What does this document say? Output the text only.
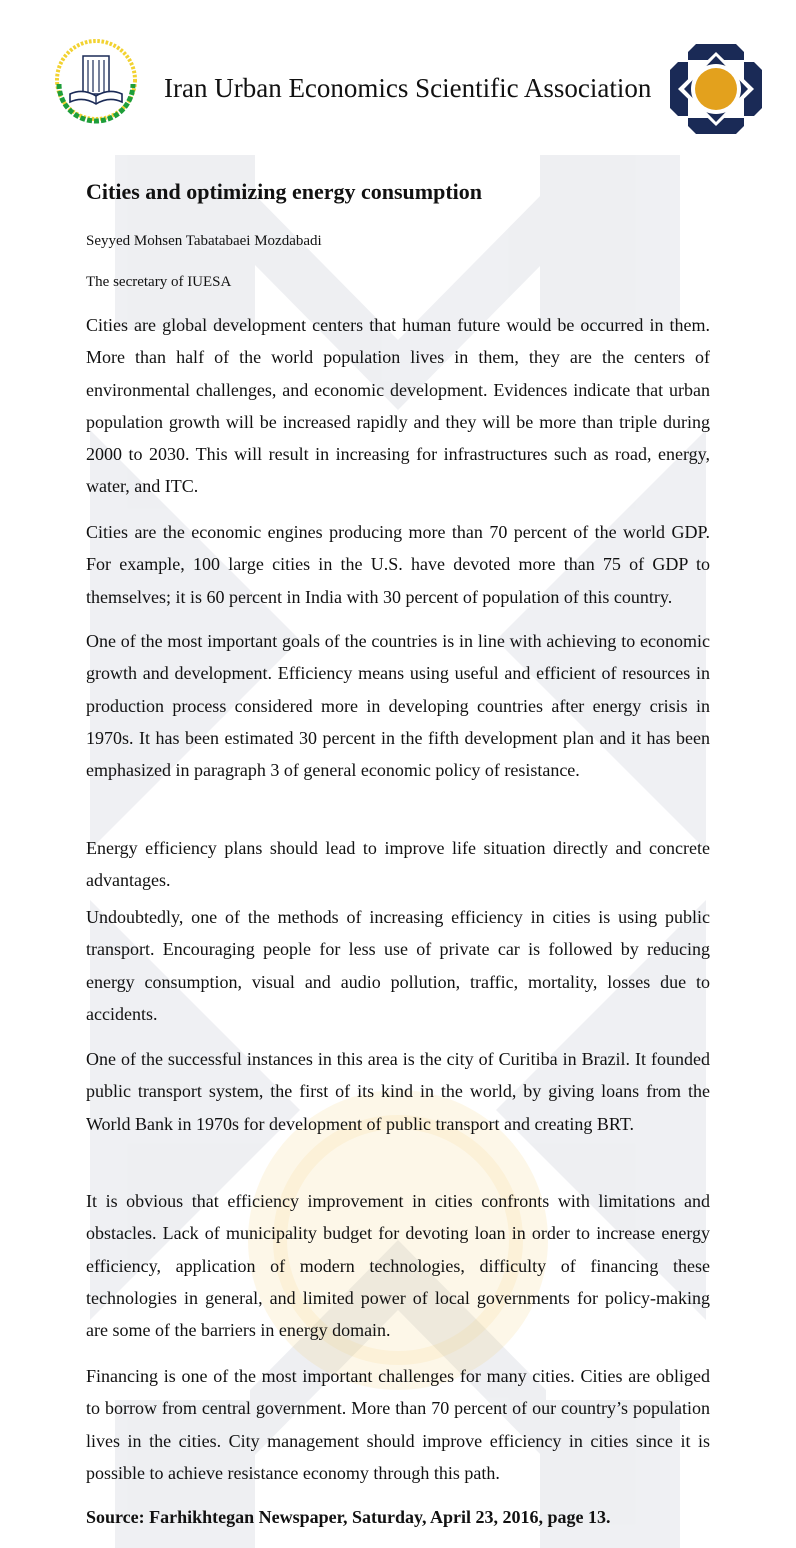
Iran Urban Economics Scientific Association
Cities and optimizing energy consumption
Seyyed Mohsen Tabatabaei Mozdabadi
The secretary of IUESA

Cities are global development centers that human future would be occurred in them. More than half of the world population lives in them, they are the centers of environmental challenges, and economic development. Evidences indicate that urban population growth will be increased rapidly and they will be more than triple during 2000 to 2030. This will result in increasing for infrastructures such as road, energy, water, and ITC.

Cities are the economic engines producing more than 70 percent of the world GDP. For example, 100 large cities in the U.S. have devoted more than 75 of GDP to themselves; it is 60 percent in India with 30 percent of population of this country.

One of the most important goals of the countries is in line with achieving to economic growth and development. Efficiency means using useful and efficient of resources in production process considered more in developing countries after energy crisis in 1970s. It has been estimated 30 percent in the fifth development plan and it has been emphasized in paragraph 3 of general economic policy of resistance.

Energy efficiency plans should lead to improve life situation directly and concrete advantages.

Undoubtedly, one of the methods of increasing efficiency in cities is using public transport. Encouraging people for less use of private car is followed by reducing energy consumption, visual and audio pollution, traffic, mortality, losses due to accidents.

One of the successful instances in this area is the city of Curitiba in Brazil. It founded public transport system, the first of its kind in the world, by giving loans from the World Bank in 1970s for development of public transport and creating BRT.

It is obvious that efficiency improvement in cities confronts with limitations and obstacles. Lack of municipality budget for devoting loan in order to increase energy efficiency, application of modern technologies, difficulty of financing these technologies in general, and limited power of local governments for policy-making are some of the barriers in energy domain.

Financing is one of the most important challenges for many cities. Cities are obliged to borrow from central government. More than 70 percent of our country’s population lives in the cities. City management should improve efficiency in cities since it is possible to achieve resistance economy through this path.

Source: Farhikhtegan Newspaper, Saturday, April 23, 2016, page 13.
